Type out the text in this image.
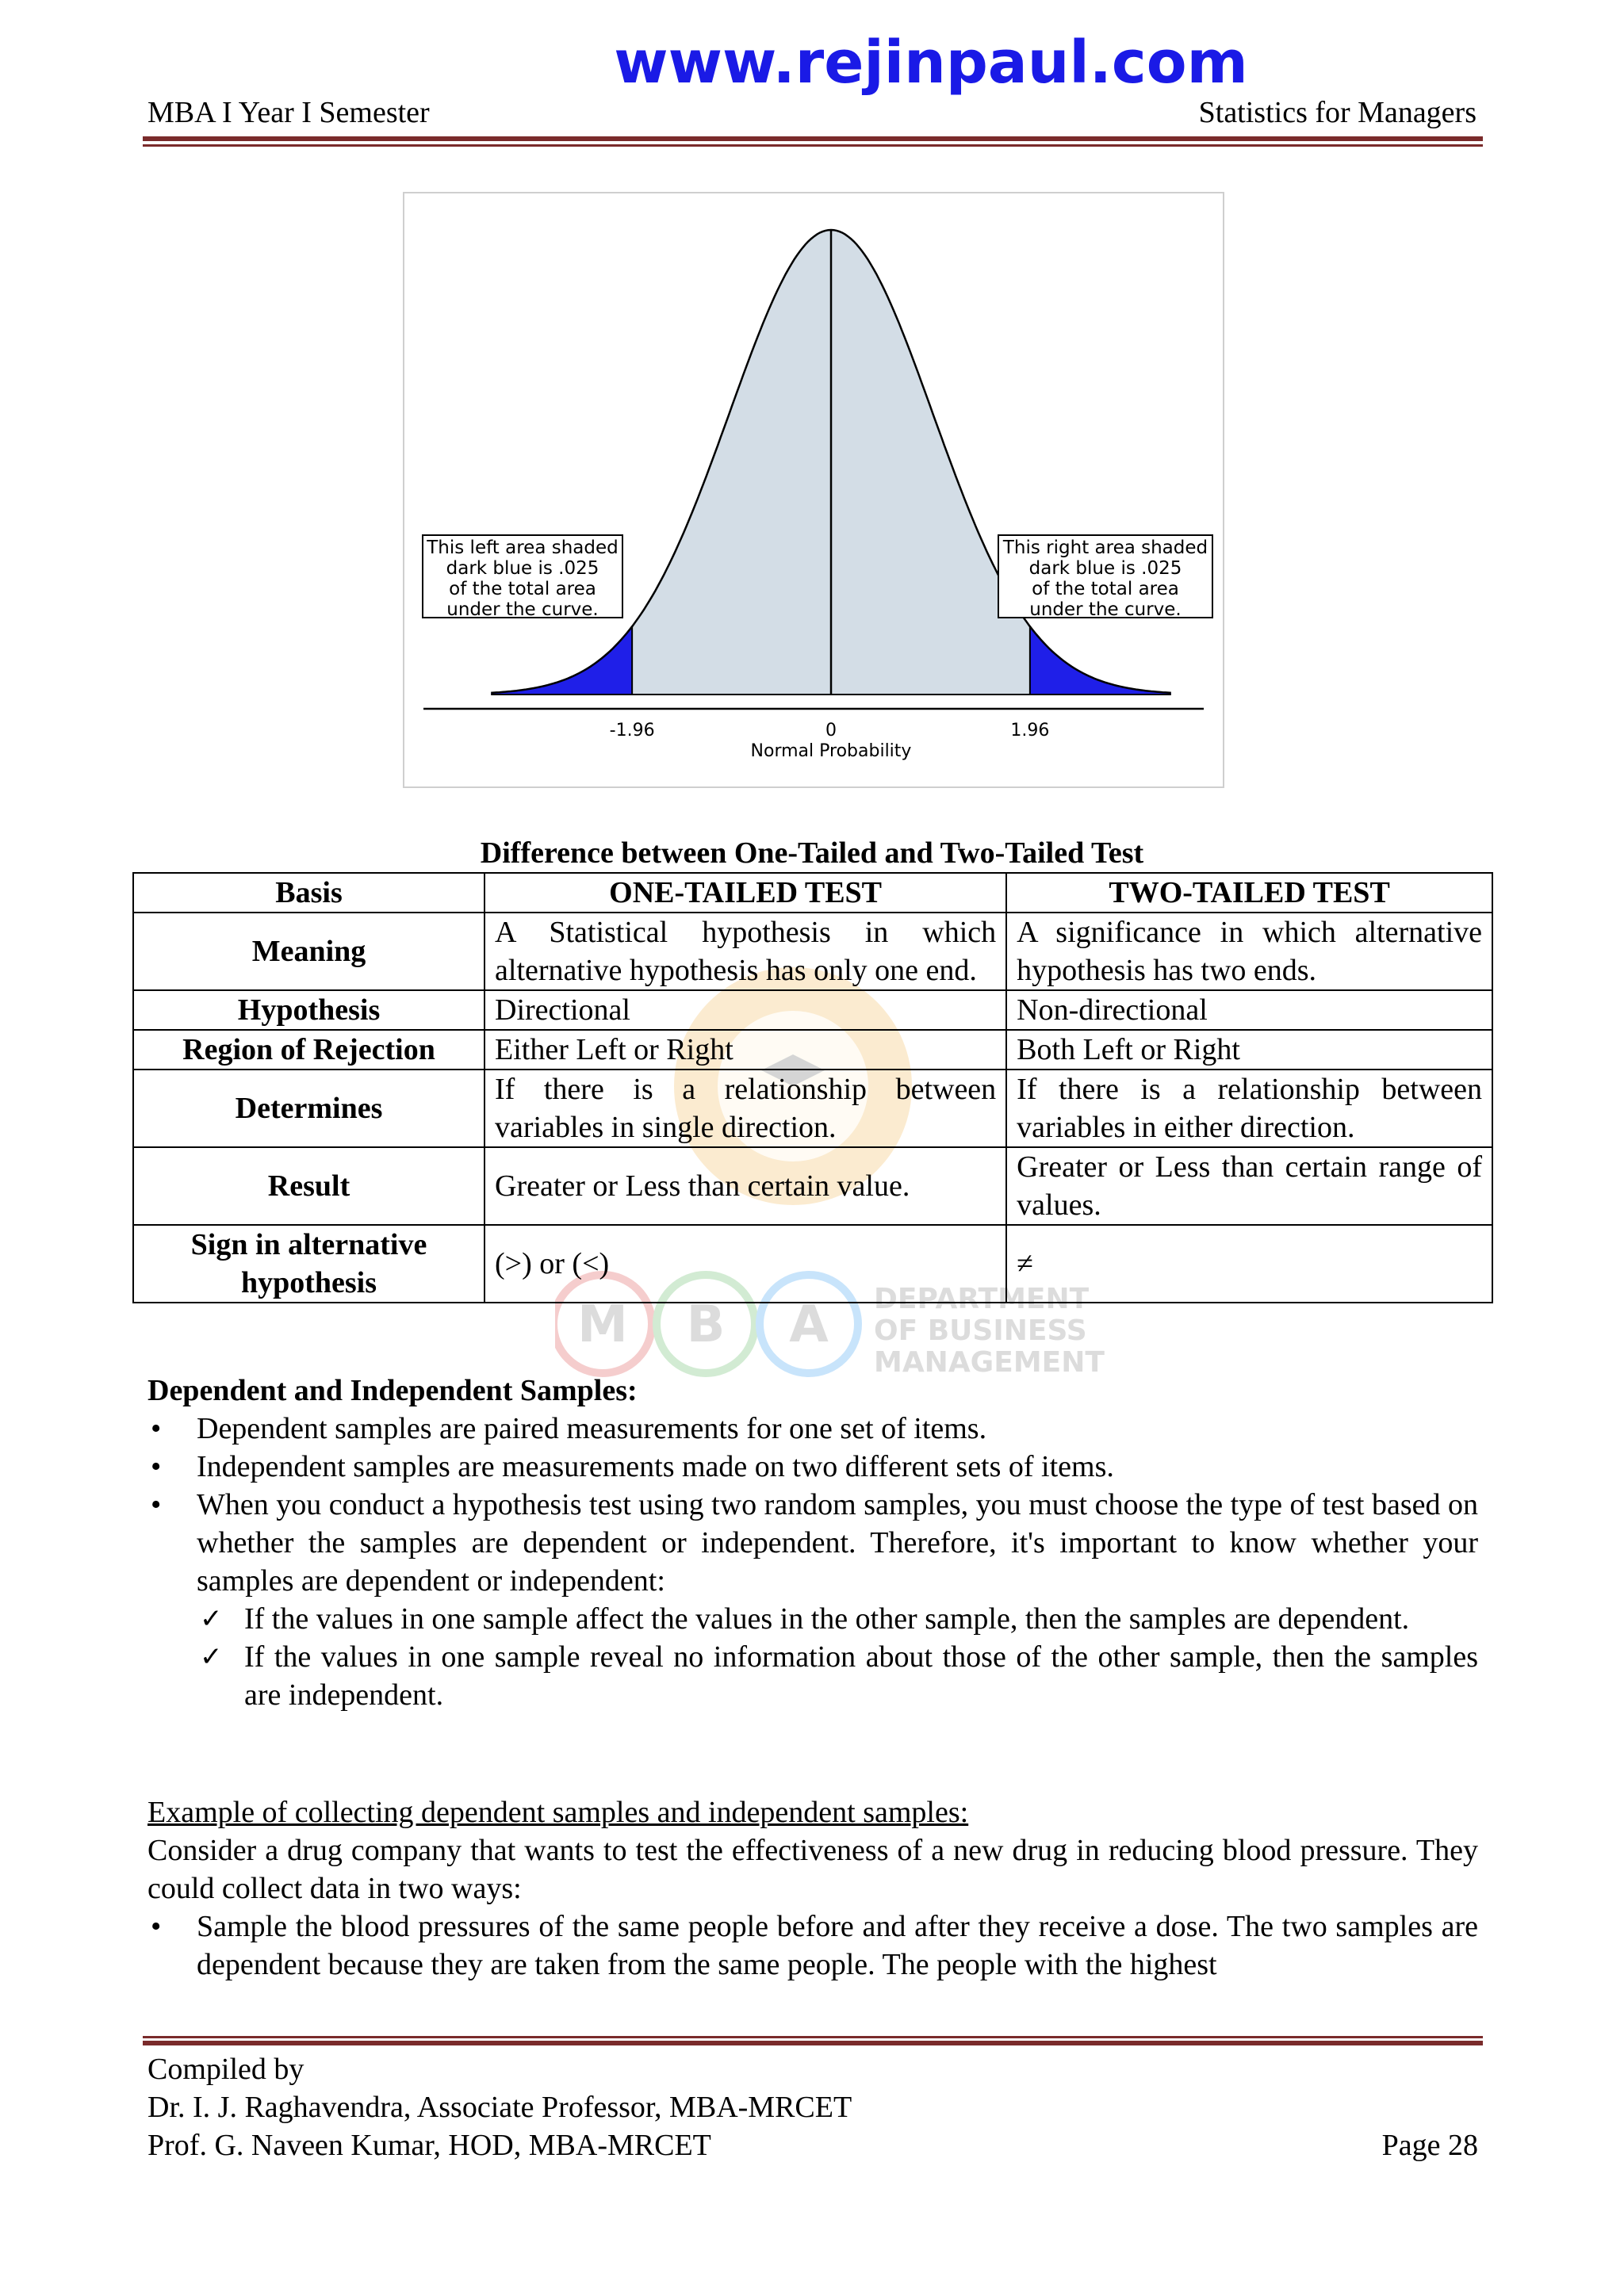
www.rejinpaul.com
MBA I Year I Semester	Statistics for Managers
-1.96	0	1.96
Normal Probability
This left area shaded
dark blue is .025
of the total area
under the curve.
This right area shaded
dark blue is .025
of the total area
under the curve.
Difference between One-Tailed and Two-Tailed Test
M B A DEPARTMENT
OF BUSINESS
MANAGEMENT
Basis	ONE-TAILED TEST	TWO-TAILED TEST
Meaning	A Statistical hypothesis in which alternative hypothesis has only one end.	A significance in which alternative hypothesis has two ends.
Hypothesis	Directional	Non-directional
Region of Rejection	Either Left or Right	Both Left or Right
Determines	If there is a relationship between variables in single direction.	If there is a relationship between variables in either direction.
Result	Greater or Less than certain value.	Greater or Less than certain range of values.
Sign in alternative hypothesis	(>) or (<)	≠
Dependent and Independent Samples:
• Dependent samples are paired measurements for one set of items.
• Independent samples are measurements made on two different sets of items.
• When you conduct a hypothesis test using two random samples, you must choose the type of test based on whether the samples are dependent or independent. Therefore, it's important to know whether your samples are dependent or independent:
✓ If the values in one sample affect the values in the other sample, then the samples are dependent.
✓ If the values in one sample reveal no information about those of the other sample, then the samples are independent.
Example of collecting dependent samples and independent samples:
Consider a drug company that wants to test the effectiveness of a new drug in reducing blood pressure. They could collect data in two ways:
• Sample the blood pressures of the same people before and after they receive a dose. The two samples are dependent because they are taken from the same people. The people with the highest
Compiled by
Dr. I. J. Raghavendra, Associate Professor, MBA-MRCET
Prof. G. Naveen Kumar, HOD, MBA-MRCET	Page 28
